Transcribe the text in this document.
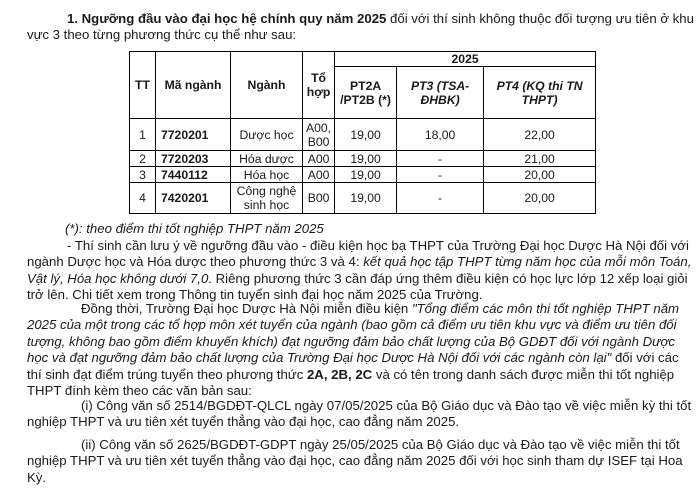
1. Ngưỡng đầu vào đại học hệ chính quy năm 2025 đối với thí sinh không thuộc đối tượng ưu tiên ở khu vực 3 theo từng phương thức cụ thể như sau:

TT	Mã ngành	Ngành	Tổ hợp	2025		
				PT2A /PT2B (*)	PT3 (TSA-ĐHBK)	PT4 (KQ thi TN THPT)
1	7720201	Dược học	A00, B00	19,00	18,00	22,00
2	7720203	Hóa dược	A00	19,00	-	21,00
3	7440112	Hóa học	A00	19,00	-	20,00
4	7420201	Công nghệ sinh học	B00	19,00	-	20,00

(*): theo điểm thi tốt nghiệp THPT năm 2025

- Thí sinh cần lưu ý về ngưỡng đầu vào - điều kiện học bạ THPT của Trường Đại học Dược Hà Nội đối với ngành Dược học và Hóa dược theo phương thức 3 và 4: kết quả học tập THPT từng năm học của mỗi môn Toán, Vật lý, Hóa học không dưới 7,0. Riêng phương thức 3 cần đáp ứng thêm điều kiện có học lực lớp 12 xếp loại giỏi trở lên. Chi tiết xem trong Thông tin tuyển sinh đại học năm 2025 của Trường.

Đồng thời, Trường Đại học Dược Hà Nội miễn điều kiện "Tổng điểm các môn thi tốt nghiệp THPT năm 2025 của một trong các tổ hợp môn xét tuyển của ngành (bao gồm cả điểm ưu tiên khu vực và điểm ưu tiên đối tượng, không bao gồm điểm khuyến khích) đạt ngưỡng đảm bảo chất lượng của Bộ GDĐT đối với ngành Dược học và đạt ngưỡng đảm bảo chất lượng của Trường Đại học Dược Hà Nội đối với các ngành còn lại" đối với các thí sinh đạt điểm trúng tuyển theo phương thức 2A, 2B, 2C và có tên trong danh sách được miễn thi tốt nghiệp THPT đính kèm theo các văn bản sau:

(i) Công văn số 2514/BGDĐT-QLCL ngày 07/05/2025 của Bộ Giáo dục và Đào tạo về việc miễn kỳ thi tốt nghiệp THPT và ưu tiên xét tuyển thẳng vào đại học, cao đẳng năm 2025.

(ii) Công văn số 2625/BGDĐT-GDPT ngày 25/05/2025 của Bộ Giáo dục và Đào tạo về việc miễn thi tốt nghiệp THPT và ưu tiên xét tuyển thẳng vào đại học, cao đẳng năm 2025 đối với học sinh tham dự ISEF tại Hoa Kỳ.
